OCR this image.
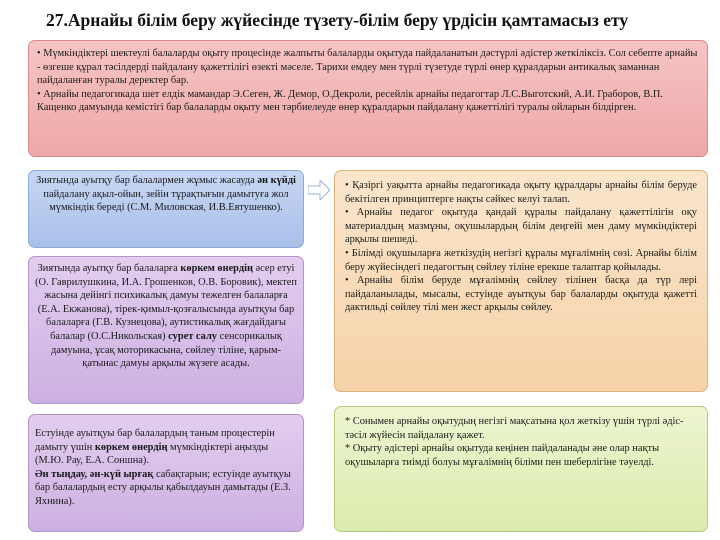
27.Арнайы білім беру жүйесінде түзету-білім беру үрдісін қамтамасыз ету

• Мүмкіндіктері шектеулі балаларды оқыту процесінде жалпыты балаларды оқытуда пайдаланатын дәстүрлі әдістер жеткіліксіз. Сол себепте арнайы - өзгеше құрал тәсілдерді пайдалану қажеттілігі өзекті мәселе. Тарихи емдеу мен түрлі түзетуде түрлі өнер құралдарын антикалық заманнан пайдаланған туралы деректер бар.

• Арнайы педагогикада шет елдік мамандар Э.Сеген, Ж. Демор, О.Декроли, ресейлік арнайы педагогтар Л.С.Выготский, А.И. Граборов, В.П. Кащенко дамуында кемістігі бар балаларды оқыту мен тәрбиелеуде өнер құралдарын пайдалану қажеттілігі туралы ойларын білдірген.

Зиятында ауытқу бар балалармен жұмыс жасауда ән күйді пайдалану ақыл-ойын, зейін тұрақтығын дамытуға жол мүмкіндік береді (С.М. Миловская, И.В.Евтушенко).
Зиятында ауытқу бар балаларға көркем өнердің әсер етуі (О. Гаврилушкина, И.А. Грошенков, О.В. Боровик), мектеп жасына дейінгі психикалық дамуы тежелген балаларға (Е.А. Екжанова), тірек-қимыл-қозғалысында ауытқуы бар балаларға (Г.В. Кузнецова), аутистикалық жағдайдағы балалар (О.С.Никольская) сурет салу сенсорикалық дамуына, ұсақ моторикасына, сөйлеу тіліне, қарым-қатынас дамуы арқылы жүзеге асады.
Естуінде ауытқуы бар балалардың таным процестерін дамыту үшін көркем өнердің мүмкіндіктері аңызды (М.Ю. Рау, Е.А. Соншна).
Ән тыңдау, ән-күй ырғақ сабақтарын; естуінде ауытқуы бар балалардың есту арқылы қабылдауын дамытады (Е.З. Яхнина).

• Қазіргі уақытта арнайы педагогикада оқыту құралдары арнайы білім беруде бекітілген принциптерге нақты сәйкес келуі талап.

• Арнайы педагог оқытуда қандай құралы пайдалану қажеттілігін оқу материалдың мазмұны, оқушылардың білім деңгейі мен даму мүмкіндіктері арқылы шешеді.

• Білімді оқушыларға жеткізудің негізгі құралы мұғалімнің сөзі. Арнайы білім беру жүйесіндегі педагогтың сөйлеу тіліне ерекше талаптар қойылады.

• Арнайы білім беруде мұғалімнің сөйлеу тілінен басқа да түр лері пайдаланылады, мысалы, естуінде ауытқуы бар балаларды оқытуда қажетті дактильді сөйлеу тілі мен жест арқылы сөйлеу.

* Сонымен арнайы оқытудың негізгі мақсатына қол жеткізу үшін түрлі әдіс-тәсіл жүйесін пайдалану қажет.

* Оқыту әдістері арнайы оқытуда кеңінен пайдаланады әне олар нақты оқушыларға тиімді болуы мұғалімнің біліми пен шеберлігіне тәуелді.
